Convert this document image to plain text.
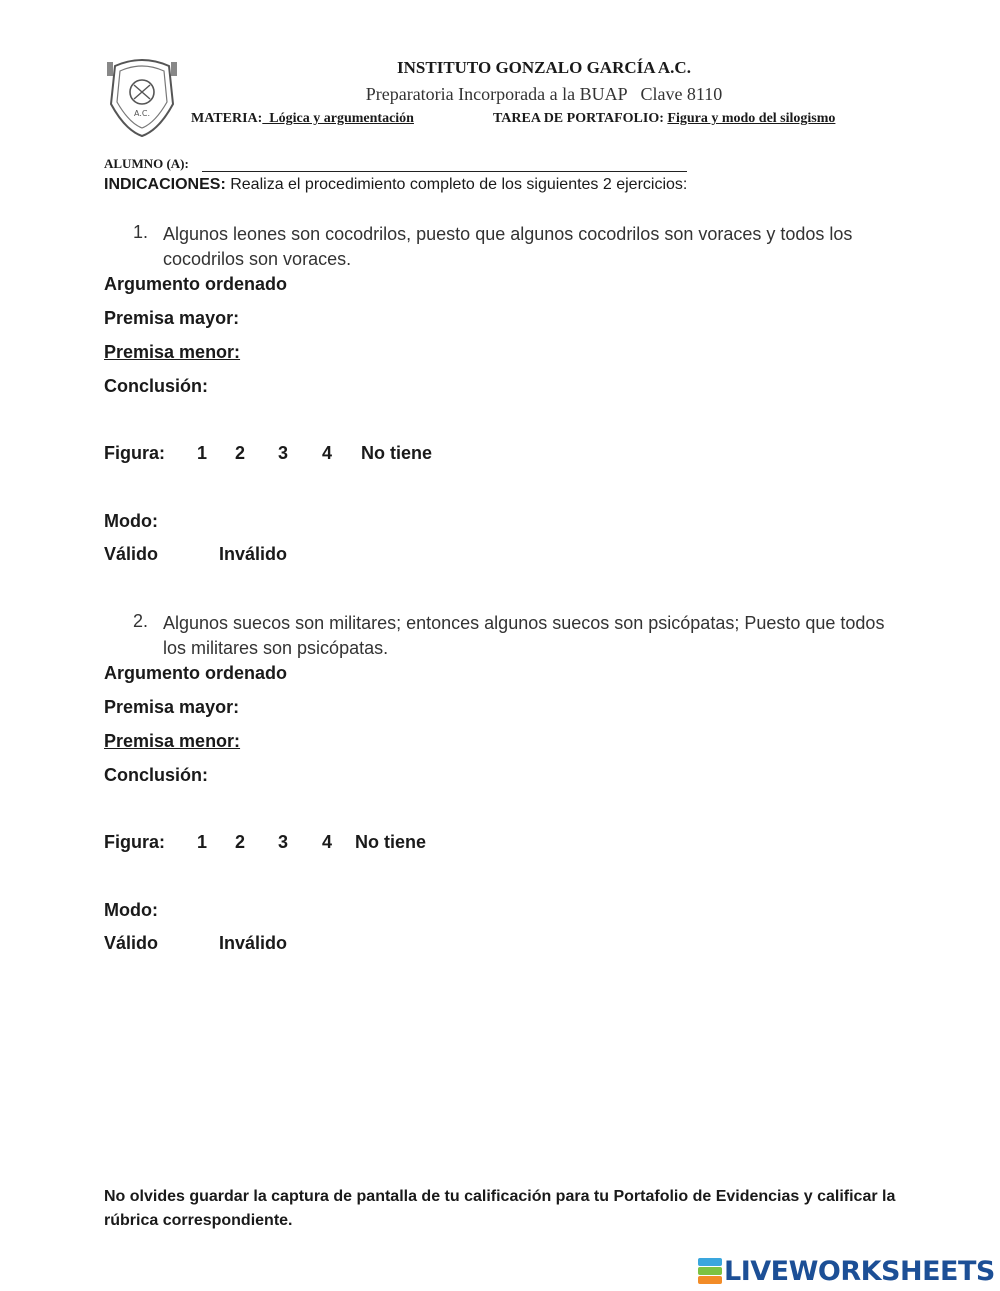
A.C.
INSTITUTO GONZALO GARCÍA A.C.
Preparatoria Incorporada a la BUAP   Clave 8110
MATERIA:  Lógica y argumentación	TAREA DE PORTAFOLIO: Figura y modo del silogismo
ALUMNO (A):
INDICACIONES: Realiza el procedimiento completo de los siguientes 2 ejercicios:
1. Algunos leones son cocodrilos, puesto que algunos cocodrilos son voraces y todos los cocodrilos son voraces.
Argumento ordenado
Premisa mayor:
Premisa menor:
Conclusión:
Figura: 1 2 3 4 No tiene
Modo:
Válido	Inválido
2. Algunos suecos son militares; entonces algunos suecos son psicópatas; Puesto que todos los militares son psicópatas.
Argumento ordenado
Premisa mayor:
Premisa menor:
Conclusión:
Figura: 1 2 3 4 No tiene
Modo:
Válido	Inválido
No olvides guardar la captura de pantalla de tu calificación para tu Portafolio de Evidencias y calificar la rúbrica correspondiente.
LIVEWORKSHEETS
